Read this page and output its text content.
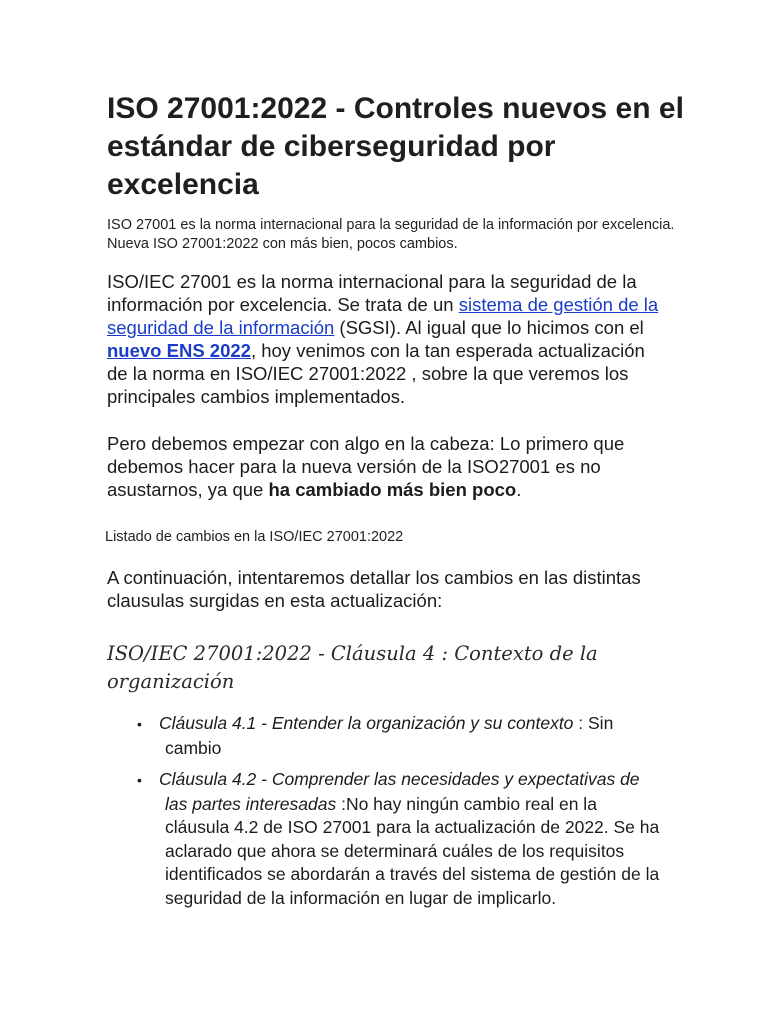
ISO 27001:2022 - Controles nuevos en el estándar de ciberseguridad por excelencia

ISO 27001 es la norma internacional para la seguridad de la información por excelencia. Nueva ISO 27001:2022 con más bien, pocos cambios.

ISO/IEC 27001 es la norma internacional para la seguridad de la información por excelencia. Se trata de un sistema de gestión de la seguridad de la información (SGSI). Al igual que lo hicimos con el nuevo ENS 2022, hoy venimos con la tan esperada actualización de la norma en ISO/IEC 27001:2022 , sobre la que veremos los principales cambios implementados.

Pero debemos empezar con algo en la cabeza: Lo primero que debemos hacer para la nueva versión de la ISO27001 es no asustarnos, ya que ha cambiado más bien poco.

Listado de cambios en la ISO/IEC 27001:2022

A continuación, intentaremos detallar los cambios en las distintas clausulas surgidas en esta actualización:

ISO/IEC 27001:2022 - Cláusula 4 : Contexto de la organización
• Cláusula 4.1 - Entender la organización y su contexto : Sin cambio
• Cláusula 4.2 - Comprender las necesidades y expectativas de las partes interesadas :No hay ningún cambio real en la cláusula 4.2 de ISO 27001 para la actualización de 2022. Se ha aclarado que ahora se determinará cuáles de los requisitos identificados se abordarán a través del sistema de gestión de la seguridad de la información en lugar de implicarlo.
